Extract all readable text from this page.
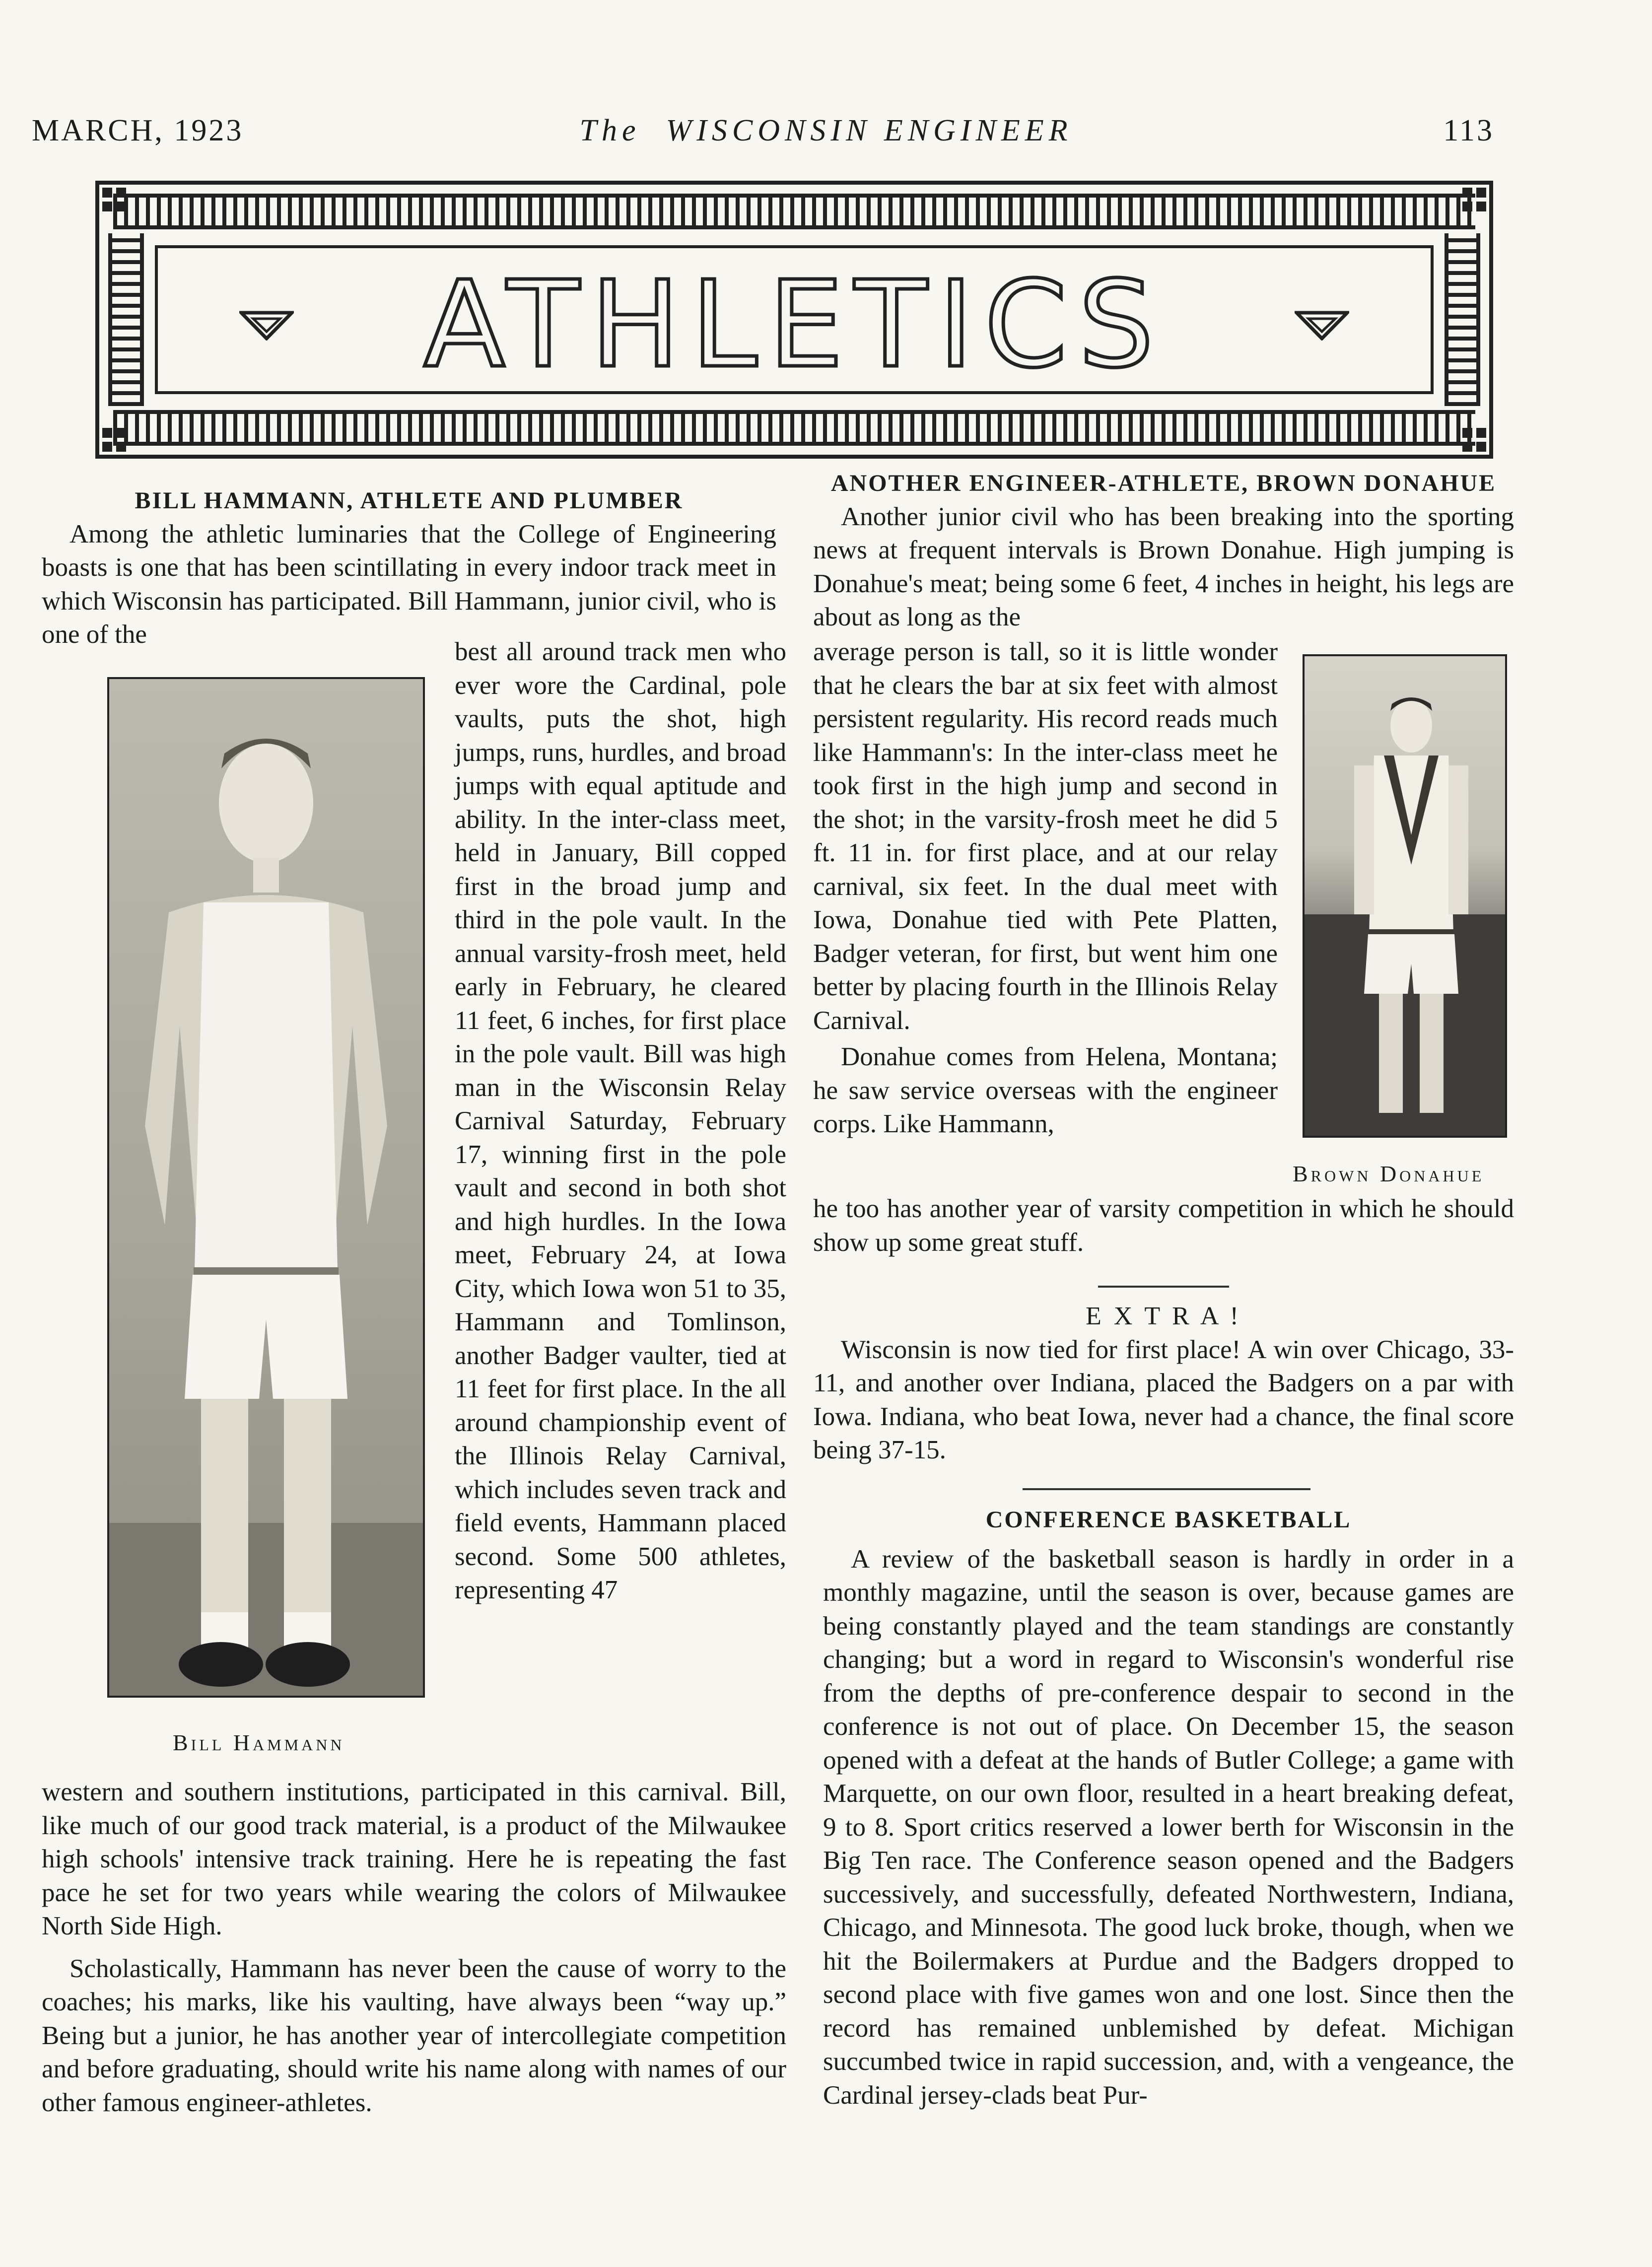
MARCH, 1923	The WISCONSIN ENGINEER	113
ATHLETICS
BILL HAMMANN, ATHLETE AND PLUMBER

Among the athletic luminaries that the College of Engineering boasts is one that has been scintillating in every indoor track meet in which Wisconsin has participated. Bill Hammann, junior civil, who is one of the

Bill Hammann

best all around track men who ever wore the Cardinal, pole vaults, puts the shot, high jumps, runs, hurdles, and broad jumps with equal aptitude and ability. In the inter-class meet, held in January, Bill copped first in the broad jump and third in the pole vault. In the annual varsity-frosh meet, held early in February, he cleared 11 feet, 6 inches, for first place in the pole vault. Bill was high man in the Wisconsin Relay Carnival Saturday, February 17, winning first in the pole vault and second in both shot and high hurdles. In the Iowa meet, February 24, at Iowa City, which Iowa won 51 to 35, Hammann and Tomlinson, another Badger vaulter, tied at 11 feet for first place. In the all around championship event of the Illinois Relay Carnival, which includes seven track and field events, Hammann placed second. Some 500 athletes, representing 47

western and southern institutions, participated in this carnival. Bill, like much of our good track material, is a product of the Milwaukee high schools' intensive track training. Here he is repeating the fast pace he set for two years while wearing the colors of Milwaukee North Side High.

Scholastically, Hammann has never been the cause of worry to the coaches; his marks, like his vaulting, have always been “way up.” Being but a junior, he has another year of intercollegiate competition and before graduating, should write his name along with names of our other famous engineer-athletes.

ANOTHER ENGINEER-ATHLETE, BROWN DONAHUE

Another junior civil who has been breaking into the sporting news at frequent intervals is Brown Donahue. High jumping is Donahue's meat; being some 6 feet, 4 inches in height, his legs are about as long as the

average person is tall, so it is little wonder that he clears the bar at six feet with almost persistent regularity. His record reads much like Hammann's: In the inter-class meet he took first in the high jump and second in the shot; in the varsity-frosh meet he did 5 ft. 11 in. for first place, and at our relay carnival, six feet. In the dual meet with Iowa, Donahue tied with Pete Platten, Badger veteran, for first, but went him one better by placing fourth in the Illinois Relay Carnival.

Donahue comes from Helena, Montana; he saw service overseas with the engineer corps. Like Hammann,

Brown Donahue

he too has another year of varsity competition in which he should show up some great stuff.

E X T R A !

Wisconsin is now tied for first place! A win over Chicago, 33-11, and another over Indiana, placed the Badgers on a par with Iowa. Indiana, who beat Iowa, never had a chance, the final score being 37-15.

CONFERENCE BASKETBALL

A review of the basketball season is hardly in order in a monthly magazine, until the season is over, because games are being constantly played and the team standings are constantly changing; but a word in regard to Wisconsin's wonderful rise from the depths of pre-conference despair to second in the conference is not out of place. On December 15, the season opened with a defeat at the hands of Butler College; a game with Marquette, on our own floor, resulted in a heart breaking defeat, 9 to 8. Sport critics reserved a lower berth for Wisconsin in the Big Ten race. The Conference season opened and the Badgers successively, and successfully, defeated Northwestern, Indiana, Chicago, and Minnesota. The good luck broke, though, when we hit the Boilermakers at Purdue and the Badgers dropped to second place with five games won and one lost. Since then the record has remained unblemished by defeat. Michigan succumbed twice in rapid succession, and, with a vengeance, the Cardinal jersey-clads beat Pur-
